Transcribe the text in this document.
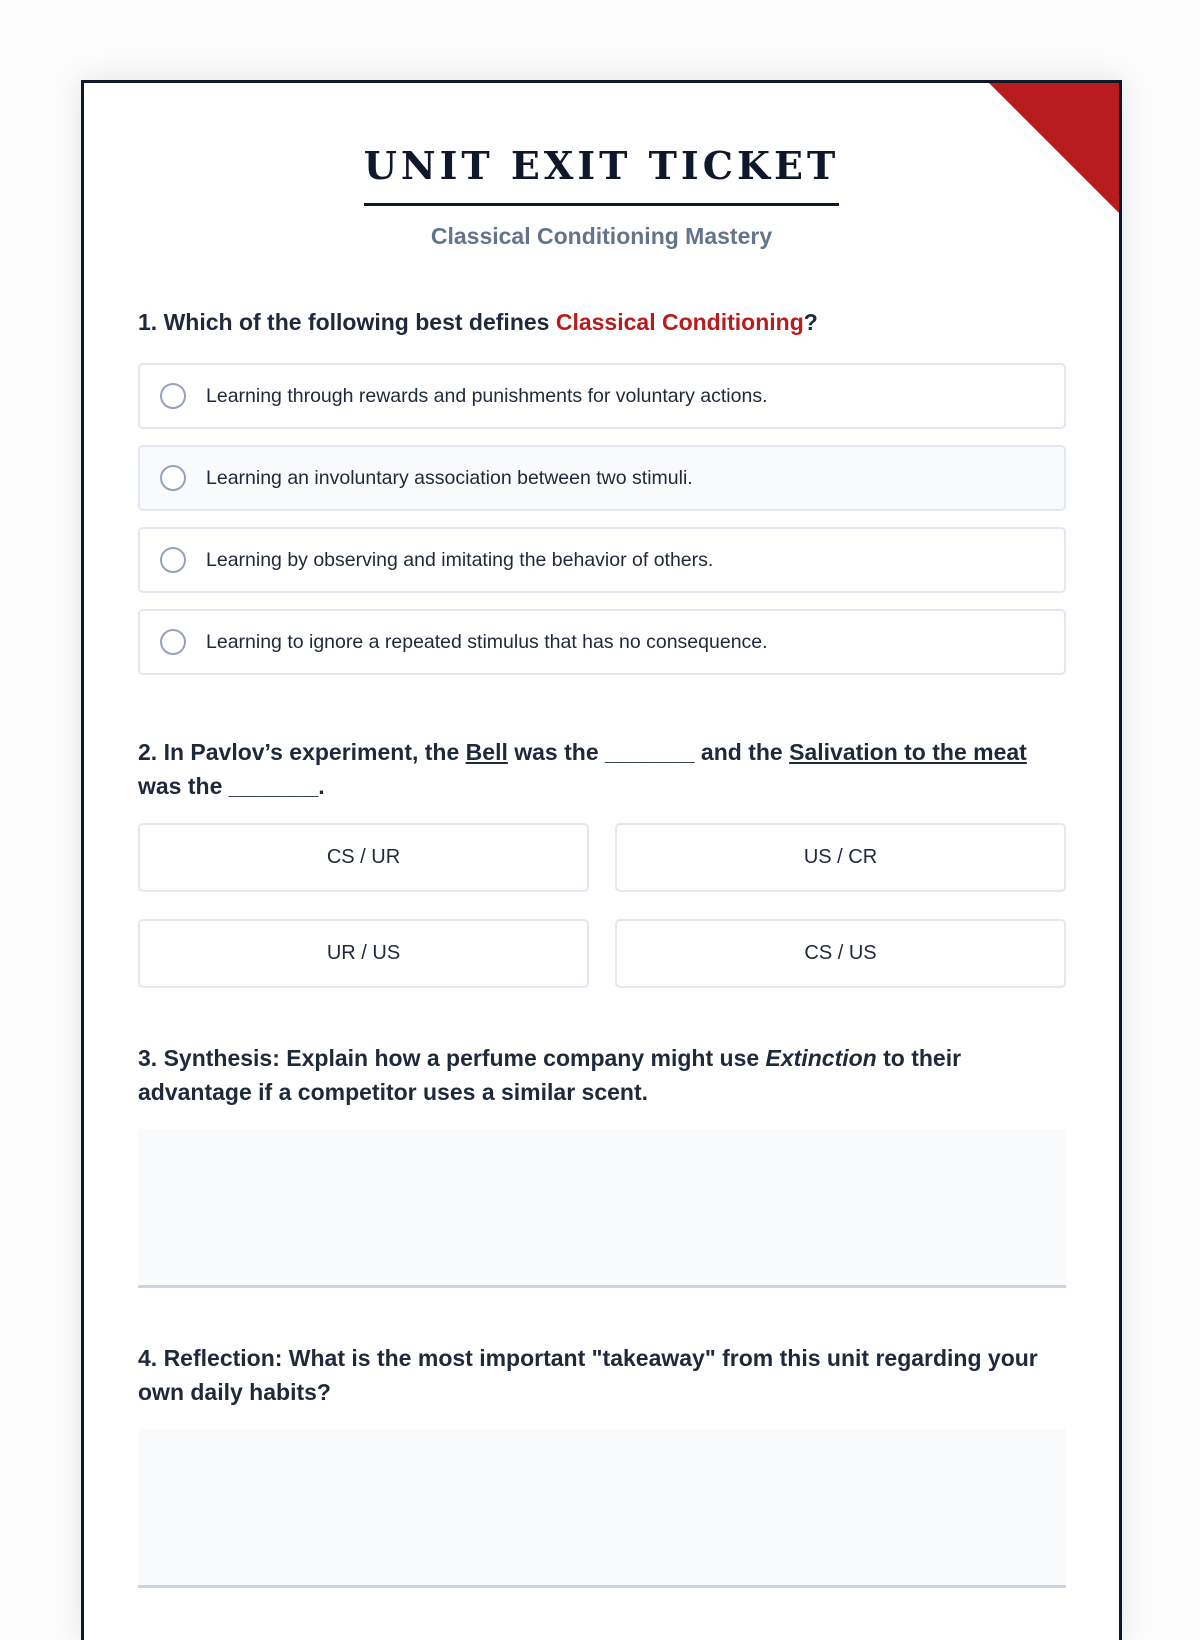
UNIT EXIT TICKET
Classical Conditioning Mastery

1. Which of the following best defines Classical Conditioning?

Learning through rewards and punishments for voluntary actions.
Learning an involuntary association between two stimuli.
Learning by observing and imitating the behavior of others.
Learning to ignore a repeated stimulus that has no consequence.

2. In Pavlov’s experiment, the Bell was the _______ and the Salivation to the meat was the _______.

CS / UR	US / CR
UR / US	CS / US

3. Synthesis: Explain how a perfume company might use Extinction to their advantage if a competitor uses a similar scent.

4. Reflection: What is the most important "takeaway" from this unit regarding your own daily habits?
